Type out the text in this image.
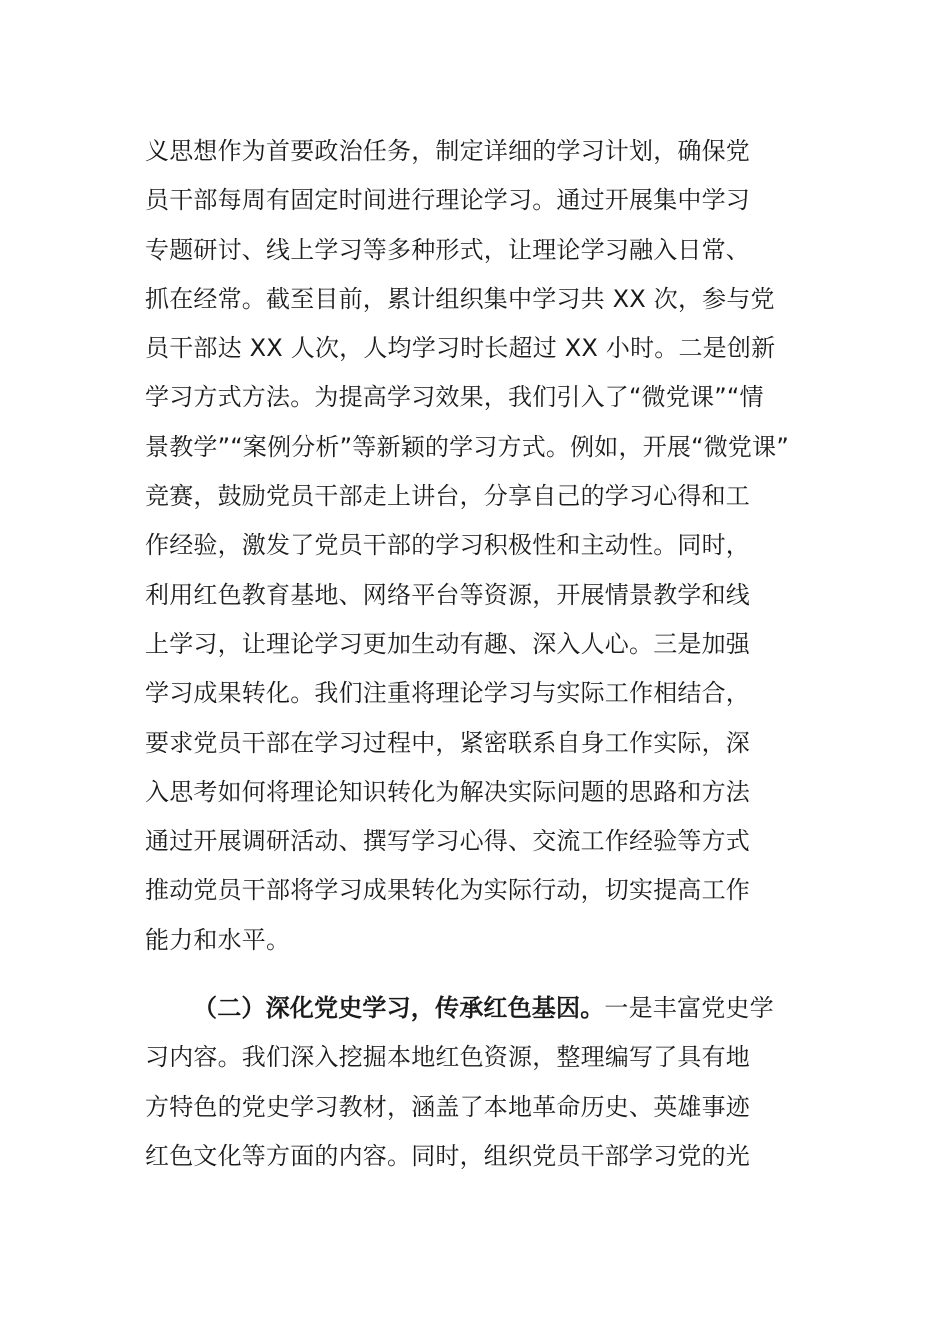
义思想作为首要政治任务，制定详细的学习计划，确保党
员干部每周有固定时间进行理论学习。通过开展集中学习
专题研讨、线上学习等多种形式，让理论学习融入日常、
抓在经常。截至目前，累计组织集中学习共 XX 次，参与党
员干部达 XX 人次，人均学习时长超过 XX 小时。二是创新
学习方式方法。为提高学习效果，我们引入了“微党课”“情
景教学”“案例分析”等新颖的学习方式。例如，开展“微党课”
竞赛，鼓励党员干部走上讲台，分享自己的学习心得和工
作经验，激发了党员干部的学习积极性和主动性。同时，
利用红色教育基地、网络平台等资源，开展情景教学和线
上学习，让理论学习更加生动有趣、深入人心。三是加强
学习成果转化。我们注重将理论学习与实际工作相结合，
要求党员干部在学习过程中，紧密联系自身工作实际，深
入思考如何将理论知识转化为解决实际问题的思路和方法
通过开展调研活动、撰写学习心得、交流工作经验等方式
推动党员干部将学习成果转化为实际行动，切实提高工作
能力和水平。
（二）深化党史学习，传承红色基因。一是丰富党史学
习内容。我们深入挖掘本地红色资源，整理编写了具有地
方特色的党史学习教材，涵盖了本地革命历史、英雄事迹
红色文化等方面的内容。同时，组织党员干部学习党的光
